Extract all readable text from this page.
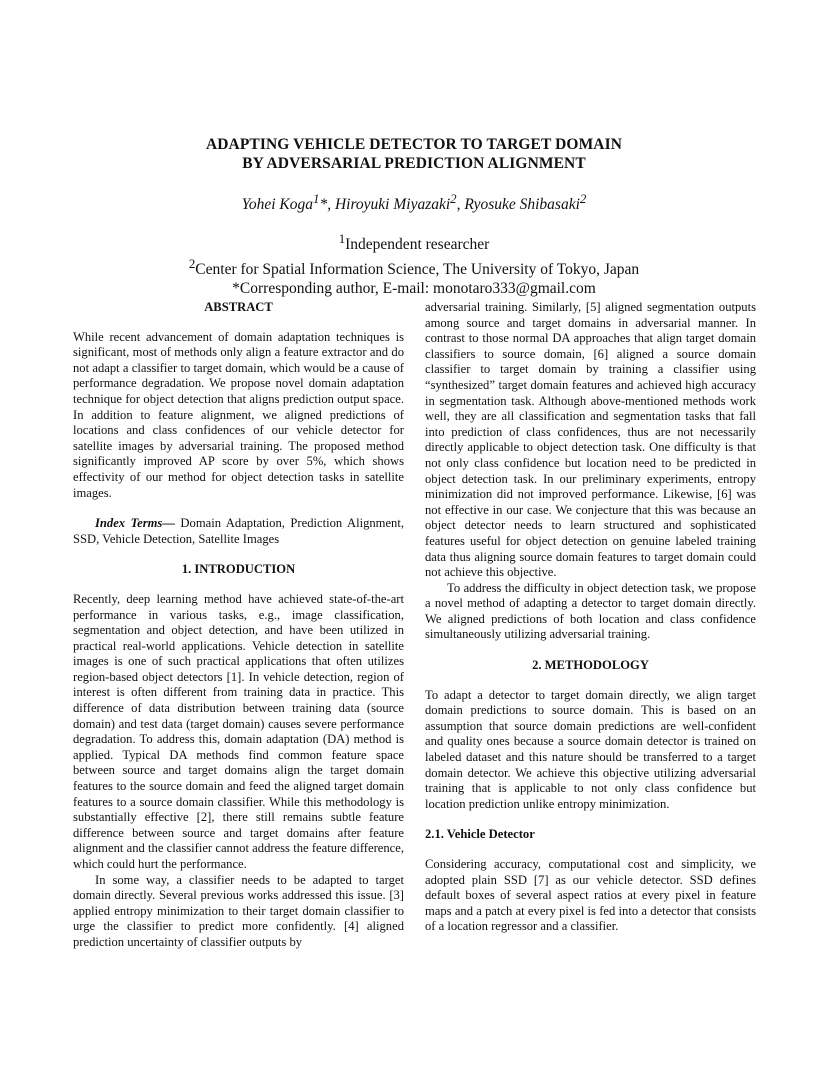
ADAPTING VEHICLE DETECTOR TO TARGET DOMAIN
BY ADVERSARIAL PREDICTION ALIGNMENT
Yohei Koga$^1$*, Hiroyuki Miyazaki$^2$, Ryosuke Shibasaki$^2$
$^1$Independent researcher
$^2$Center for Spatial Information Science, The University of Tokyo, Japan
*Corresponding author, E-mail: monotaro333@gmail.com

ABSTRACT

While recent advancement of domain adaptation techniques is significant, most of methods only align a feature extractor and do not adapt a classifier to target domain, which would be a cause of performance degradation. We propose novel domain adaptation technique for object detection that aligns prediction output space. In addition to feature alignment, we aligned predictions of locations and class confidences of our vehicle detector for satellite images by adversarial training. The proposed method significantly improved AP score by over 5%, which shows effectivity of our method for object detection tasks in satellite images.

Index Terms— Domain Adaptation, Prediction Alignment, SSD, Vehicle Detection, Satellite Images

1. INTRODUCTION

Recently, deep learning method have achieved state-of-the-art performance in various tasks, e.g., image classification, segmentation and object detection, and have been utilized in practical real-world applications. Vehicle detection in satellite images is one of such practical applications that often utilizes region-based object detectors [1]. In vehicle detection, region of interest is often different from training data in practice. This difference of data distribution between training data (source domain) and test data (target domain) causes severe performance degradation. To address this, domain adaptation (DA) method is applied. Typical DA methods find common feature space between source and target domains align the target domain features to the source domain and feed the aligned target domain features to a source domain classifier. While this methodology is substantially effective [2], there still remains subtle feature difference between source and target domains after feature alignment and the classifier cannot address the feature difference, which could hurt the performance.

In some way, a classifier needs to be adapted to target domain directly. Several previous works addressed this issue. [3] applied entropy minimization to their target domain classifier to urge the classifier to predict more confidently. [4] aligned prediction uncertainty of classifier outputs by

adversarial training. Similarly, [5] aligned segmentation outputs among source and target domains in adversarial manner. In contrast to those normal DA approaches that align target domain classifiers to source domain, [6] aligned a source domain classifier to target domain by training a classifier using “synthesized” target domain features and achieved high accuracy in segmentation task. Although above-mentioned methods work well, they are all classification and segmentation tasks that fall into prediction of class confidences, thus are not necessarily directly applicable to object detection task. One difficulty is that not only class confidence but location need to be predicted in object detection task. In our preliminary experiments, entropy minimization did not improved performance. Likewise, [6] was not effective in our case. We conjecture that this was because an object detector needs to learn structured and sophisticated features useful for object detection on genuine labeled training data thus aligning source domain features to target domain could not achieve this objective.

To address the difficulty in object detection task, we propose a novel method of adapting a detector to target domain directly. We aligned predictions of both location and class confidence simultaneously utilizing adversarial training.

2. METHODOLOGY

To adapt a detector to target domain directly, we align target domain predictions to source domain. This is based on an assumption that source domain predictions are well-confident and quality ones because a source domain detector is trained on labeled dataset and this nature should be transferred to a target domain detector. We achieve this objective utilizing adversarial training that is applicable to not only class confidence but location prediction unlike entropy minimization.

2.1. Vehicle Detector

Considering accuracy, computational cost and simplicity, we adopted plain SSD [7] as our vehicle detector. SSD defines default boxes of several aspect ratios at every pixel in feature maps and a patch at every pixel is fed into a detector that consists of a location regressor and a classifier.
